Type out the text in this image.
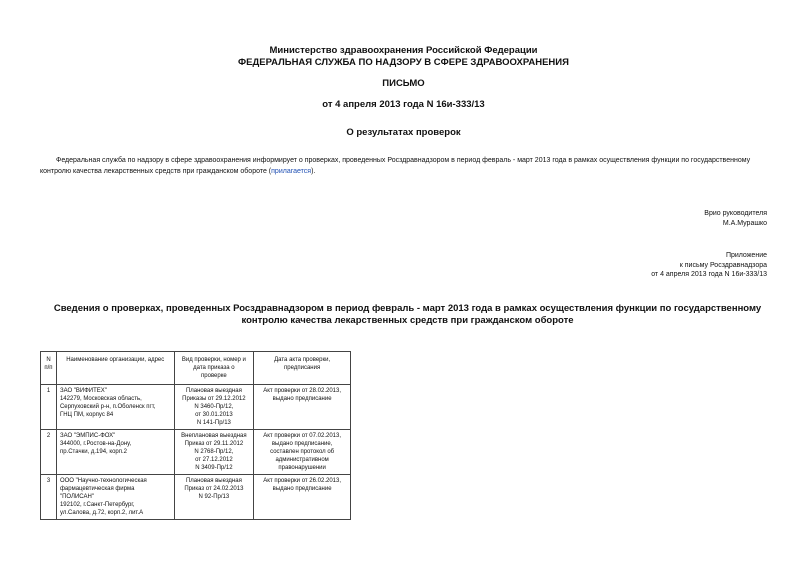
Министерство здравоохранения Российской Федерации
ФЕДЕРАЛЬНАЯ СЛУЖБА ПО НАДЗОРУ В СФЕРЕ ЗДРАВООХРАНЕНИЯ
ПИСЬМО
от 4 апреля 2013 года N 16и-333/13
О результатах проверок
Федеральная служба по надзору в сфере здравоохранения информирует о проверках, проведенных Росздравнадзором в период февраль - март 2013 года в рамках осуществления функции по государственному контролю качества лекарственных средств при гражданском обороте (прилагается).
Врио руководителя
М.А.Мурашко
Приложение
к письму Росздравнадзора
от 4 апреля 2013 года N 16и-333/13
Сведения о проверках, проведенных Росздравнадзором в период февраль - март 2013 года в рамках осуществления функции по государственному контролю качества лекарственных средств при гражданском обороте
N
п/п	Наименование организации, адрес	Вид проверки, номер и
дата приказа о
проверке	Дата акта проверки,
предписания

1	ЗАО "ВИФИТЕХ"
142279, Московская область,
Серпуховский р-н, п.Оболенск пгт,
ГНЦ ПМ, корпус 84	Плановая выездная
Приказы от 29.12.2012
N 3460-Пр/12,
от 30.01.2013
N 141-Пр/13	Акт проверки от 28.02.2013,
выдано предписание

2	ЗАО "ЭМПИС-ФОХ"
344000, г.Ростов-на-Дону,
пр.Стачки, д.194, корп.2	Внеплановая выездная
Приказ от 29.11.2012
N 2768-Пр/12,
от 27.12.2012
N 3409-Пр/12	Акт проверки от 07.02.2013,
выдано предписание,
составлен протокол об
административном
правонарушении

3	ООО "Научно-технологическая
фармацевтическая фирма
"ПОЛИСАН"
192102, г.Санкт-Петербург,
ул.Салова, д.72, корп.2, лит.А	Плановая выездная
Приказ от 24.02.2013
N 92-Пр/13	Акт проверки от 26.02.2013,
выдано предписание
